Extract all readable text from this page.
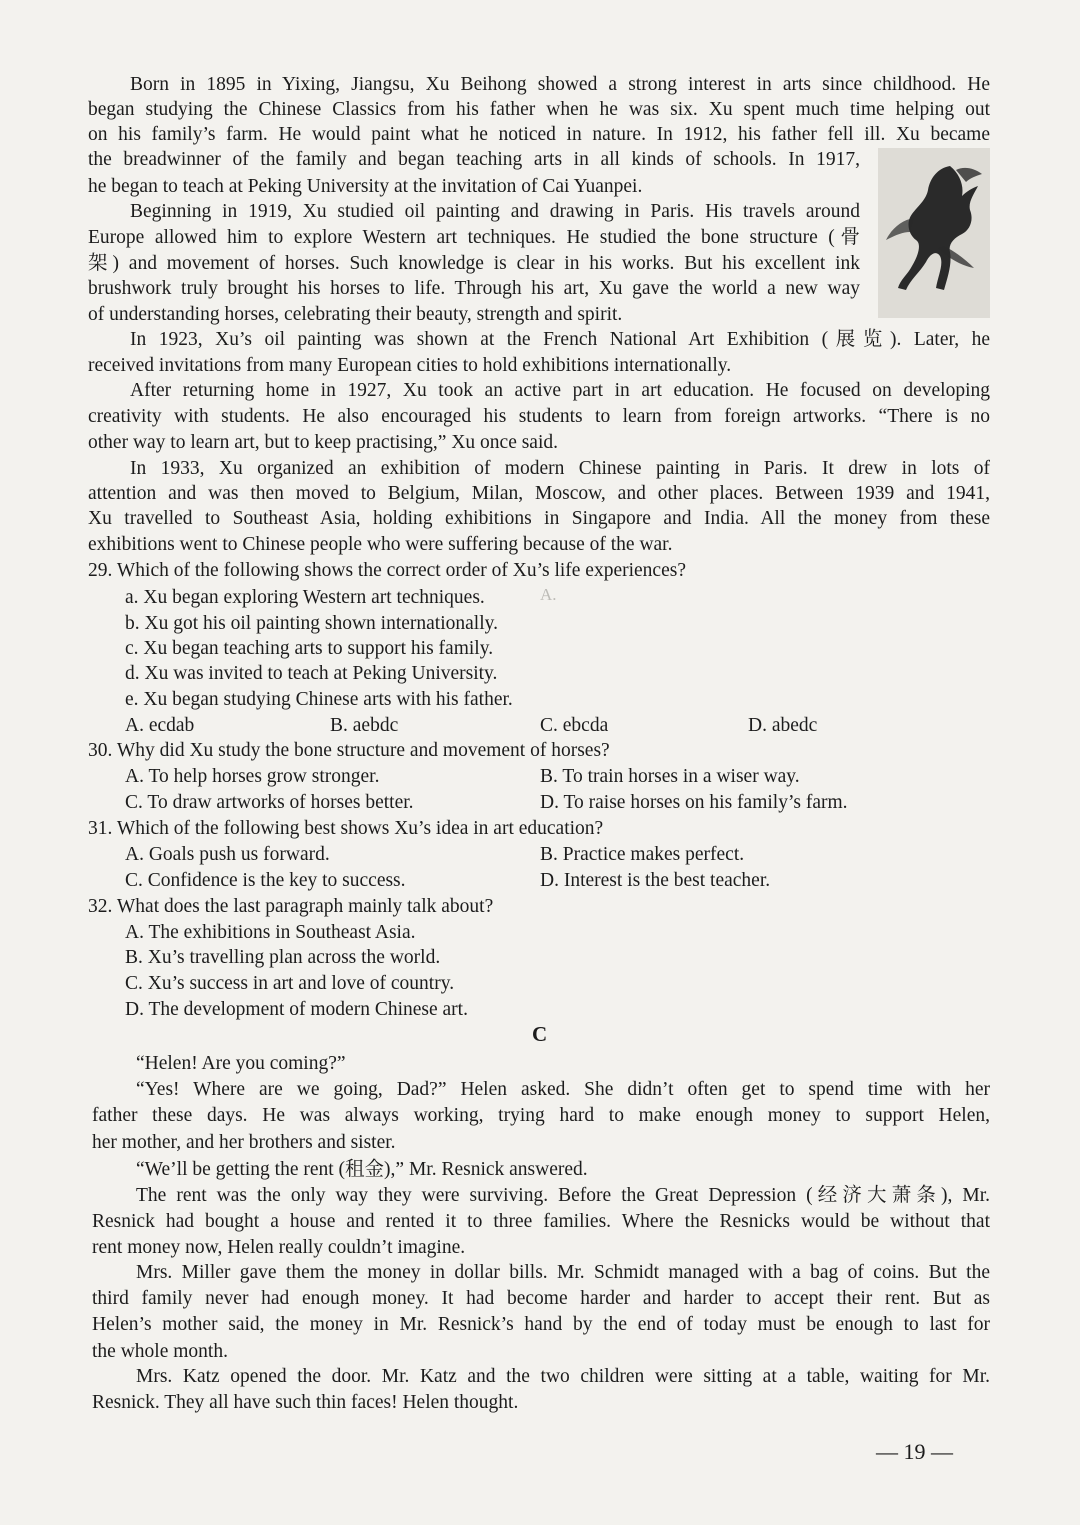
A.
Born in 1895 in Yixing, Jiangsu, Xu Beihong showed a strong interest in arts since childhood. He
began studying the Chinese Classics from his father when he was six. Xu spent much time helping out
on his family’s farm. He would paint what he noticed in nature. In 1912, his father fell ill. Xu became
the breadwinner of the family and began teaching arts in all kinds of schools. In 1917,
he began to teach at Peking University at the invitation of Cai Yuanpei.
Beginning in 1919, Xu studied oil painting and drawing in Paris. His travels around
Europe allowed him to explore Western art techniques. He studied the bone structure (骨
架) and movement of horses. Such knowledge is clear in his works. But his excellent ink
brushwork truly brought his horses to life. Through his art, Xu gave the world a new way
of understanding horses, celebrating their beauty, strength and spirit.
In 1923, Xu’s oil painting was shown at the French National Art Exhibition (展览). Later, he
received invitations from many European cities to hold exhibitions internationally.
After returning home in 1927, Xu took an active part in art education. He focused on developing
creativity with students. He also encouraged his students to learn from foreign artworks. “There is no
other way to learn art, but to keep practising,” Xu once said.
In 1933, Xu organized an exhibition of modern Chinese painting in Paris. It drew in lots of
attention and was then moved to Belgium, Milan, Moscow, and other places. Between 1939 and 1941,
Xu travelled to Southeast Asia, holding exhibitions in Singapore and India. All the money from these
exhibitions went to Chinese people who were suffering because of the war.
29. Which of the following shows the correct order of Xu’s life experiences?
a. Xu began exploring Western art techniques.
b. Xu got his oil painting shown internationally.
c. Xu began teaching arts to support his family.
d. Xu was invited to teach at Peking University.
e. Xu began studying Chinese arts with his father.
A. ecdab	B. aebdc	C. ebcda	D. abedc
30. Why did Xu study the bone structure and movement of horses?
A. To help horses grow stronger.	B. To train horses in a wiser way.
C. To draw artworks of horses better.	D. To raise horses on his family’s farm.
31. Which of the following best shows Xu’s idea in art education?
A. Goals push us forward.	B. Practice makes perfect.
C. Confidence is the key to success.	D. Interest is the best teacher.
32. What does the last paragraph mainly talk about?
A. The exhibitions in Southeast Asia.
B. Xu’s travelling plan across the world.
C. Xu’s success in art and love of country.
D. The development of modern Chinese art.
C
“Helen! Are you coming?”
“Yes! Where are we going, Dad?” Helen asked. She didn’t often get to spend time with her
father these days. He was always working, trying hard to make enough money to support Helen,
her mother, and her brothers and sister.
“We’ll be getting the rent (租金),” Mr. Resnick answered.
The rent was the only way they were surviving. Before the Great Depression (经济大萧条), Mr.
Resnick had bought a house and rented it to three families. Where the Resnicks would be without that
rent money now, Helen really couldn’t imagine.
Mrs. Miller gave them the money in dollar bills. Mr. Schmidt managed with a bag of coins. But the
third family never had enough money. It had become harder and harder to accept their rent. But as
Helen’s mother said, the money in Mr. Resnick’s hand by the end of today must be enough to last for
the whole month.
Mrs. Katz opened the door. Mr. Katz and the two children were sitting at a table, waiting for Mr.
Resnick. They all have such thin faces! Helen thought.
— 19 —
